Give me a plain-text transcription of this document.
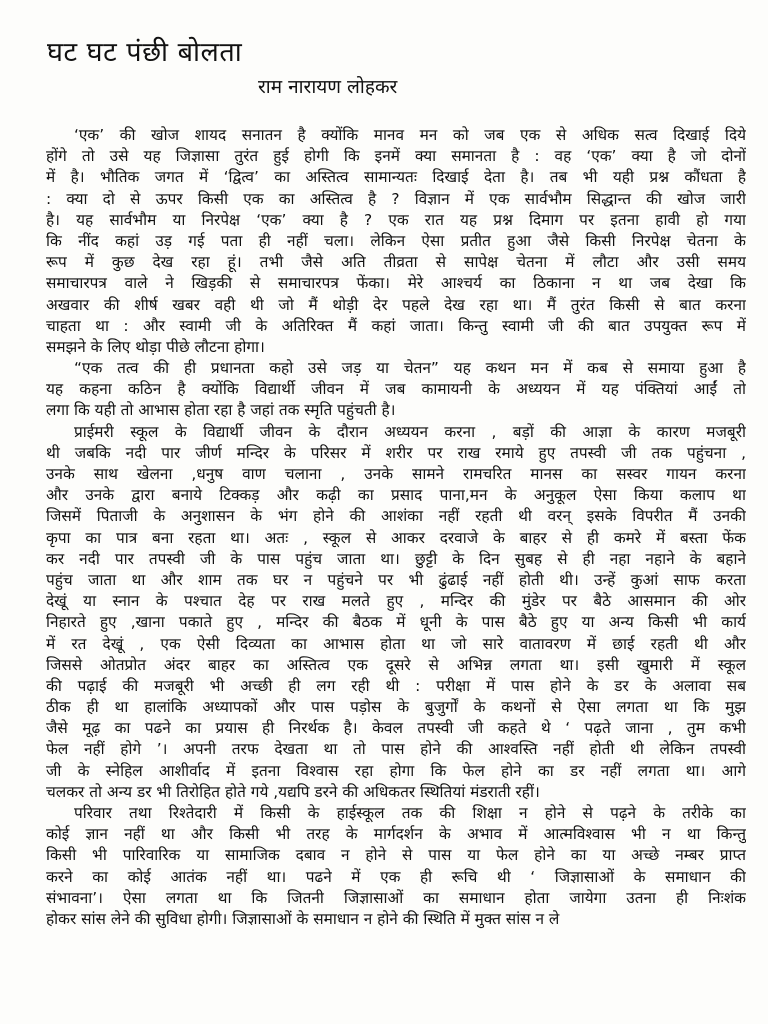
घट घट पंछी बोलता
राम नारायण लोहकर
‘एक’ की खोज शायद सनातन है क्योंकि मानव मन को जब एक से अधिक सत्व दिखाई दिये
होंगे तो उसे यह जिज्ञासा तुरंत हुई होगी कि इनमें क्या समानता है : वह ‘एक’ क्या है जो दोनों
में है। भौतिक जगत में ‘द्वित्व’ का अस्तित्व सामान्यतः दिखाई देता है। तब भी यही प्रश्न कौंधता है
: क्या दो से ऊपर किसी एक का अस्तित्व है ? विज्ञान में एक सार्वभौम सिद्धान्त की खोज जारी
है। यह सार्वभौम या निरपेक्ष ‘एक’ क्या है ? एक रात यह प्रश्न दिमाग पर इतना हावी हो गया
कि नींद कहां उड़ गई पता ही नहीं चला। लेकिन ऐसा प्रतीत हुआ जैसे किसी निरपेक्ष चेतना के
रूप में कुछ देख रहा हूं। तभी जैसे अति तीव्रता से सापेक्ष चेतना में लौटा और उसी समय
समाचारपत्र वाले ने खिड़की से समाचारपत्र फेंका। मेरे आश्चर्य का ठिकाना न था जब देखा कि
अखवार की शीर्ष खबर वही थी जो मैं थोड़ी देर पहले देख रहा था। मैं तुरंत किसी से बात करना
चाहता था : और स्वामी जी के अतिरिक्त मैं कहां जाता। किन्तु स्वामी जी की बात उपयुक्त रूप में
समझने के लिए थोड़ा पीछे लौटना होगा।
“एक तत्व की ही प्रधानता कहो उसे जड़ या चेतन” यह कथन मन में कब से समाया हुआ है
यह कहना कठिन है क्योंकि विद्यार्थी जीवन में जब कामायनी के अध्ययन में यह पंक्तियां आईं तो
लगा कि यही तो आभास होता रहा है जहां तक स्मृति पहुंचती है।
प्राईमरी स्कूल के विद्यार्थी जीवन के दौरान अध्ययन करना , बड़ों की आज्ञा के कारण मजबूरी
थी जबकि नदी पार जीर्ण मन्दिर के परिसर में शरीर पर राख रमाये हुए तपस्वी जी तक पहुंचना ,
उनके साथ खेलना ,धनुष वाण चलाना , उनके सामने रामचरित मानस का सस्वर गायन करना
और उनके द्वारा बनाये टिक्कड़ और कढ़ी का प्रसाद पाना,मन के अनुकूल ऐसा किया कलाप था
जिसमें पिताजी के अनुशासन के भंग होने की आशंका नहीं रहती थी वरन् इसके विपरीत मैं उनकी
कृपा का पात्र बना रहता था। अतः , स्कूल से आकर दरवाजे के बाहर से ही कमरे में बस्ता फेंक
कर नदी पार तपस्वी जी के पास पहुंच जाता था। छुट्टी के दिन सुबह से ही नहा नहाने के बहाने
पहुंच जाता था और शाम तक घर न पहुंचने पर भी ढुंढाई नहीं होती थी। उन्हें कुआं साफ करता
देखूं या स्नान के पश्चात देह पर राख मलते हुए , मन्दिर की मुंडेर पर बैठे आसमान की ओर
निहारते हुए ,खाना पकाते हुए , मन्दिर की बैठक में धूनी के पास बैठे हुए या अन्य किसी भी कार्य
में रत देखूं , एक ऐसी दिव्यता का आभास होता था जो सारे वातावरण में छाई रहती थी और
जिससे ओतप्रोत अंदर बाहर का अस्तित्व एक दूसरे से अभिन्न लगता था। इसी खुमारी में स्कूल
की पढ़ाई की मजबूरी भी अच्छी ही लग रही थी : परीक्षा में पास होने के डर के अलावा सब
ठीक ही था हालांकि अध्यापकों और पास पड़ोस के बुजुर्गों के कथनों से ऐसा लगता था कि मुझ
जैसे मूढ़ का पढने का प्रयास ही निरर्थक है। केवल तपस्वी जी कहते थे ‘ पढ़ते जाना , तुम कभी
फेल नहीं होगे ’। अपनी तरफ देखता था तो पास होने की आश्वस्ति नहीं होती थी लेकिन तपस्वी
जी के स्नेहिल आशीर्वाद में इतना विश्वास रहा होगा कि फेल होने का डर नहीं लगता था। आगे
चलकर तो अन्य डर भी तिरोहित होते गये ,यद्यपि डरने की अधिकतर स्थितियां मंडराती रहीं।
परिवार तथा रिश्तेदारी में किसी के हाईस्कूल तक की शिक्षा न होने से पढ़ने के तरीके का
कोई ज्ञान नहीं था और किसी भी तरह के मार्गदर्शन के अभाव में आत्मविश्वास भी न था किन्तु
किसी भी पारिवारिक या सामाजिक दबाव न होने से पास या फेल होने का या अच्छे नम्बर प्राप्त
करने का कोई आतंक नहीं था। पढने में एक ही रूचि थी ‘ जिज्ञासाओं के समाधान की
संभावना’। ऐसा लगता था कि जितनी जिज्ञासाओं का समाधान होता जायेगा उतना ही निःशंक
होकर सांस लेने की सुविधा होगी। जिज्ञासाओं के समाधान न होने की स्थिति में मुक्त सांस न ले
